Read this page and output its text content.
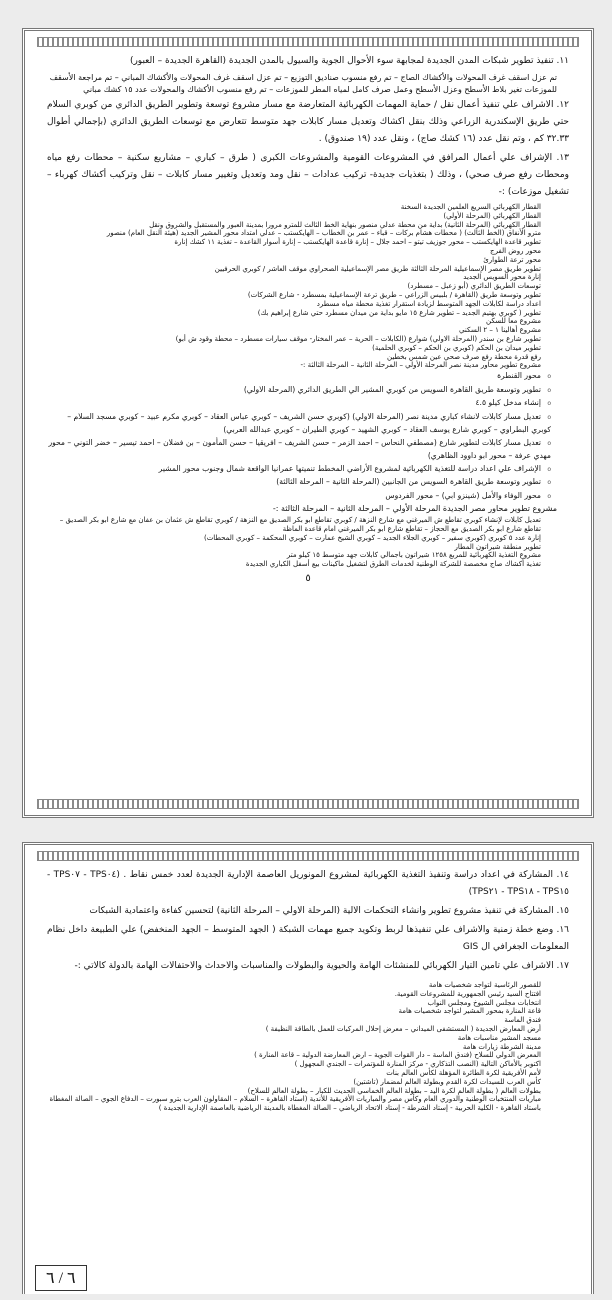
١١. تنفيذ تطوير شبكات المدن الجديدة لمجابهة سوء الأحوال الجوية والسيول بالمدن الجديدة (القاهرة الجديدة – العبور)

تم عزل اسقف غرف المحولات والأكشاك الصاج – تم رفع منسوب صناديق التوزيع – تم عزل اسقف غرف المحولات والأكشاك المباني – تم مراجعة الأسقف للموزعات تغير بلاط الأسطح وعزل الأسطح وعمل صرف كامل لمياه المطر للموزعات – تم رفع منسوب الأكشاك والمحولات عدد ١٥ كشك مباني

١٢. الاشراف علي تنفيذ أعمال نقل / حماية المهمات الكهربائية المتعارضة مع مسار مشروع توسعة وتطوير الطريق الدائري من كوبري السلام حتي طريق الإسكندرية الزراعي وذلك بنقل اكشاك وتعديل مسار كابلات جهد متوسط تتعارض مع توسعات الطريق الدائري (بإجمالي أطوال ٣٢.٣٣ كم ، وتم نقل عدد (١٦ كشك صاج) ، ونقل عدد (١٩ صندوق) .

١٣. الإشراف علي أعمال المرافق في المشروعات القومية والمشروعات الكبرى ( طرق – كباري – مشاريع سكنية – محطات رفع مياه ومحطات رفع صرف صحي) ، وذلك ( بتغذيات جديدة- تركيب عدادات – نقل ومد وتعديل وتغيير مسار كابلات – نقل وتركيب أكشاك كهرباء – تشغيل موزعات) :-

القطار الكهربائي السريع العلمين الجديدة السخنة

القطار الكهربائي (المرحلة الأولي)

القطار الكهربائي (المرحلة الثانية) بداية من محطة عدلي منصور بنهاية الخط الثالث للمترو مرورا بمدينة العبور والمستقبل والشروق ونقل

مترو الأنفاق (الخط الثالث) ( محطات هشام بركات – قباء – عمر بن الخطاب – الهايكستب – عدلي امتداد محور المشير الجديد (هيئة النقل العام) منصور

تطوير قاعدة الهايكستب – محور جوزيف تيتو – احمد جلال – إنارة قاعدة الهايكستب – إنارة أسوار القاعدة – تغذية ١١ كشك إنارة

محور روض الفرج

محور ترعة الطوارئ

تطوير طريق مصر الإسماعيلية المرحلة الثالثة طريق مصر الإسماعيلية الصحراوي موقف العاشر / كوبري الحرفيين

إنارة محور السويس الجديد

توسعات الطريق الدائري (أبو زعبل – مسطرد)

تطوير وتوسعة طريق (القاهرة / بلبيس الزراعي – طريق ترعة الإسماعيلية بمسطرد - شارع الشركات)

اعداد دراسة لكابلات الجهد المتوسط لزيادة استقرار تغذية محطة مياه مسطرد

تطوير ( كوبري بهتيم الجديد – تطوير شارع ١٥ مايو بداية من ميدان مسطرد حتي شارع إبراهيم بك)

مشروع معا للسكن

مشروع أهالينا ١ – ٢ السكني

تطوير شارع بن سندر (المرحلة الاولي) شوارع (الكابلات – الحرية – عمر المختار- موقف سيارات مسطرد – محطة وقود ش أبو)

تطوير ميدان بن الحكم (كوبري بن الحكم – كوبري الحلمية)

رفع قدرة محطة رفع صرف صحي عين شمس بخطين

مشروع تطوير محاور مدينة نصر المرحلة الأولي – المرحلة الثانية – المرحلة الثالثة :-

o محور القنطرة

o تطوير وتوسعة طريق القاهرة السويس من كوبري المشير الي الطريق الدائري (المرحلة الاولي)

o إنشاء مدخل كيلو ٤.٥

o تعديل مسار كابلات لانشاء كباري مدينة نصر (المرحلة الاولي) (كوبري حسن الشريف – كوبري عباس العقاد – كوبري مكرم عبيد – كوبري مسجد السلام – كوبري البطراوي – كوبري شارع يوسف العقاد – كوبري الشهيد – كوبري الطيران – كوبري عبدالله العربي)

o تعديل مسار كابلات لتطوير شارع (مصطفي النحاس – احمد الزمر – حسن الشريف – افريقيا – حسن المأمون – بن فضلان – احمد تيسير – خضر التوني – محور مهدي عرفة – محور ابو داوود الظاهري)

o الإشراف علي اعداد دراسة للتغذية الكهربائية لمشروع الأراضي المخطط تنميتها عمرانيا الواقعة شمال وجنوب محور المشير

o تطوير وتوسعة طريق القاهرة السويس من الجانبين (المرحلة الثانية – المرحلة الثالثة)

o محور الوفاء والأمل (شينزو ابي) – محور الفردوس

مشروع تطوير محاور مصر الجديدة المرحلة الأولي – المرحلة الثانية – المرحلة الثالثة :-

تعديل كابلات لإنشاء كوبري تقاطع ش الميرغني مع شارع النزهة / كوبري تقاطع ابو بكر الصديق مع النزهة / كوبري تقاطع ش عثمان بن عفان مع شارع ابو بكر الصديق – تقاطع شارع ابو بكر الصديق مع الحجاز – تقاطع شارع ابو بكر الميرغني امام قاعدة الماظة

إنارة عدد ٥ كوبري (كوبري سفير – كوبري الجلاء الجديد – كوبري الشيخ عمارت – كوبري المحكمة – كوبري المحطات)

تطوير منطقة شيراتون المطار

مشروع التغذية الكهربائية للمربع ١٢٥٨ شيراتون باجمالي كابلات جهد متوسط ١٥ كيلو متر

تغذية أكشاك صاج مخصصة للشركة الوطنية لخدمات الطرق لتشغيل ماكينات بيع أسفل الكباري الجديدة

٥

١٤. المشاركة في اعداد دراسة وتنفيذ التغذية الكهربائية لمشروع المونوريل العاصمة الإدارية الجديدة لعدد خمس نقاط . (TPS٠٤ - TPS٠٧ - TPS١٥ - TPS١٨ - TPS٢١)

١٥. المشاركة في تنفيذ مشروع تطوير وانشاء التحكمات الالية (المرحلة الاولي – المرحلة الثانية) لتحسين كفاءة واعتمادية الشبكات

١٦. وضع خطة زمنية والاشراف علي تنفيذها لربط وتكويد جميع مهمات الشبكة ( الجهد المتوسط – الجهد المنخفض) علي الطبيعة داخل نظام المعلومات الجغرافي ال GIS

١٧. الاشراف علي تامين التيار الكهربائي للمنشئات الهامة والحيوية والبطولات والمناسبات والاحداث والاحتفالات الهامة بالدولة كالاتي :-

للقصور الرئاسية لتواجد شخصيات هامة

افتتاح السيد رئيس الجمهورية للمشروعات القومية.

انتخابات مجلس الشيوخ ومجلس النواب

قاعة المنارة بمحور المشير لتواجد شخصيات هامة

فندق الماسة

أرض المعارض الجديدة ( المستشفى الميداني – معرض إحلال المركبات للعمل بالطاقة النظيفة )

مسجد المشير مناسبات هامة

مدينة الشرطة زيارات هامة

المعرض الدولي للسلاح (فندق الماسة – دار القوات الجوية – ارض المعارضة الدولية – قاعة المنارة )

اكتوبر بالأماكن التالية (النصب التذكاري - مركز المنارة للمؤتمرات – الجندي المجهول )

لأمم الأفريقية لكرة الطائرة المؤهلة لكأس العالم بنات

كأس العرب للسيدات لكرة القدم وبطولة العالم لمضمار (تاشتين)

بطولات العالم ( بطولة العالم لكرة اليد – بطولة العالم الخماسي الحديث للكبار – بطولة العالم للسلاح)

مباريات المنتخبات الوطنية والدوري العام وكأس مصر والمباريات الأفريقية للأندية (استاد القاهرة – السلام – المقاولون العرب بترو سبورت – الدفاع الجوي – الصالة المغطاة باستاد القاهرة - الكلية الحربية - إستاد الشرطة - إستاد الاتحاد الرياضي – الصالة المغطاة بالمدينة الرياضية بالعاصمة الإدارية الجديدة )

٦ / ٦
